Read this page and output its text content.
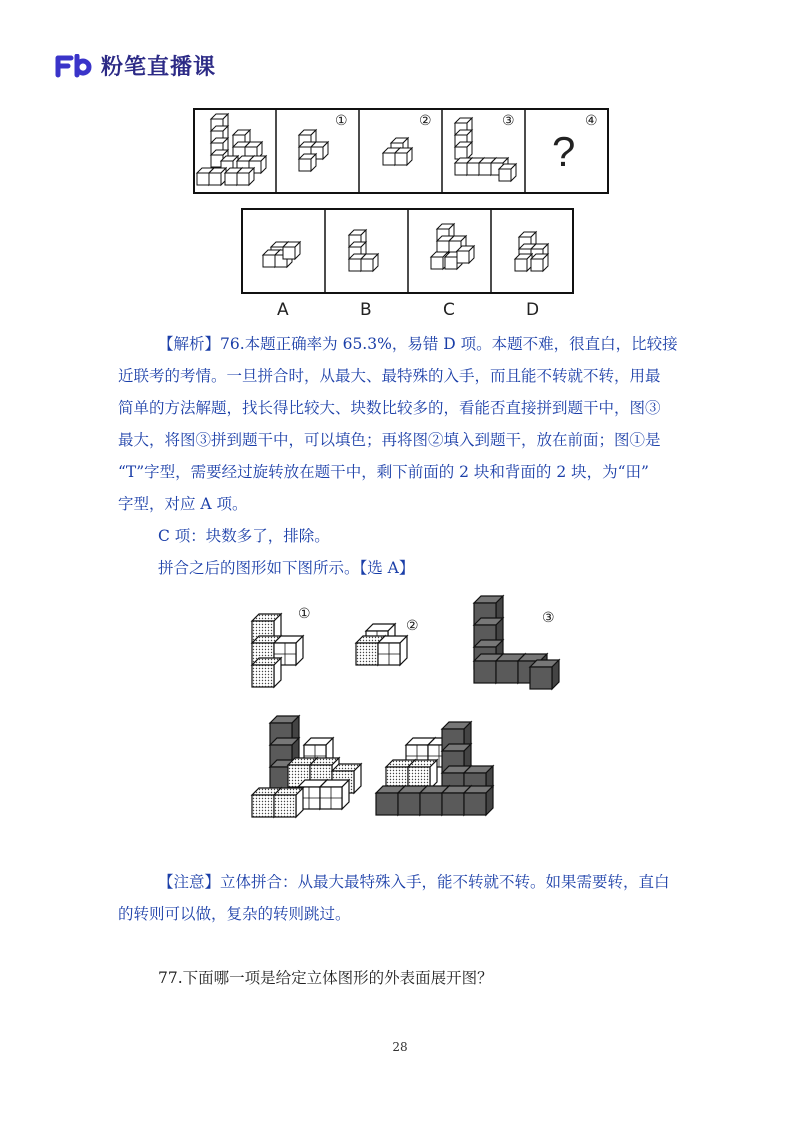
粉笔直播课
①	②	③	④
?
A	B	C	D
【解析】76.本题正确率为 65.3%，易错 D 项。本题不难，很直白，比较接
近联考的考情。一旦拼合时，从最大、最特殊的入手，而且能不转就不转，用最
简单的方法解题，找长得比较大、块数比较多的，看能否直接拼到题干中，图③
最大，将图③拼到题干中，可以填色；再将图②填入到题干，放在前面；图①是
“T”字型，需要经过旋转放在题干中，剩下前面的 2 块和背面的 2 块，为“田”
字型，对应 A 项。
C 项：块数多了，排除。
拼合之后的图形如下图所示。【选 A】
①
②	③
【注意】立体拼合：从最大最特殊入手，能不转就不转。如果需要转，直白
的转则可以做，复杂的转则跳过。
77.下面哪一项是给定立体图形的外表面展开图？
28
